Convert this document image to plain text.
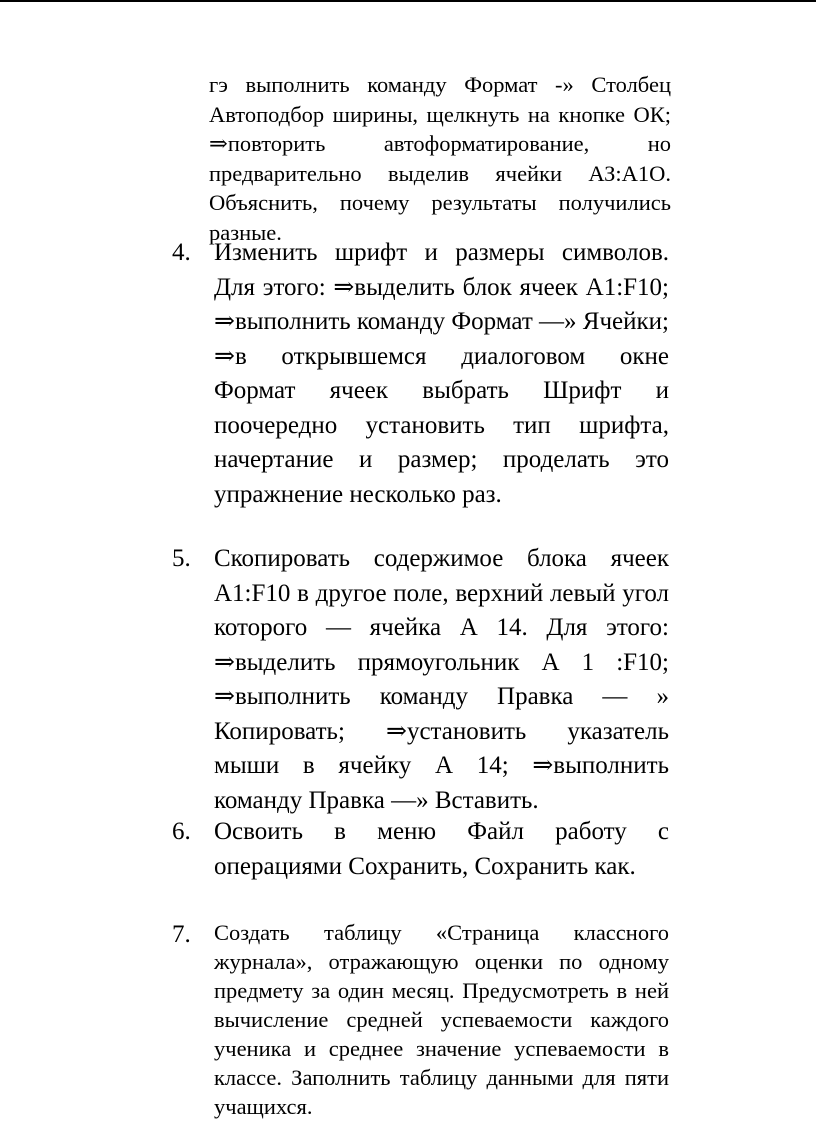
гэ выполнить команду Формат -» Столбец Автоподбор ширины, щелкнуть на кнопке ОК; ⇒повторить автоформатирование, но предварительно выделив ячейки АЗ:А1О. Объяснить, почему результаты получились разные.
4. Изменить шрифт и размеры символов. Для этого: ⇒выделить блок ячеек А1:F10; ⇒выполнить команду Формат —» Ячейки; ⇒в открывшемся диалоговом окне Формат ячеек выбрать Шрифт и поочередно установить тип шрифта, начертание и размер; проделать это упражнение несколько раз.
5. Скопировать содержимое блока ячеек А1:F10 в другое поле, верхний левый угол которого — ячейка А 14. Для этого: ⇒выделить прямоугольник А 1 :F10; ⇒выполнить команду Правка — » Копировать; ⇒установить указатель мыши в ячейку А 14; ⇒выполнить команду Правка —» Вставить.
6. Освоить в меню Файл работу с операциями Сохранить, Сохранить как.
7.	Создать таблицу «Страница классного журнала», отражающую оценки по одному предмету за один месяц. Предусмотреть в ней вычисление средней успеваемости каждого ученика и среднее значение успеваемости в классе. Заполнить таблицу данными для пяти учащихся.
